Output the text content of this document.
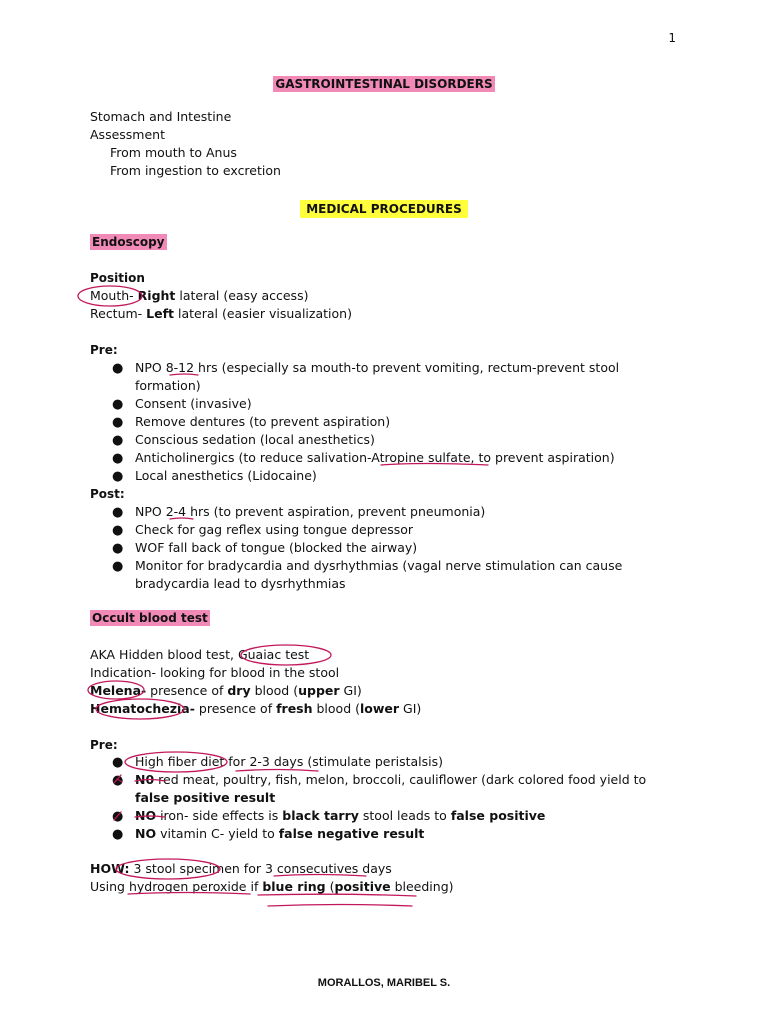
1
GASTROINTESTINAL DISORDERS
Stomach and Intestine
Assessment
From mouth to Anus
From ingestion to excretion
MEDICAL PROCEDURES
Endoscopy
Position
Mouth- Right lateral (easy access)
Rectum- Left lateral (easier visualization)
Pre:
● NPO 8-12 hrs (especially sa mouth-to prevent vomiting, rectum-prevent stool
formation)
● Consent (invasive)
● Remove dentures (to prevent aspiration)
● Conscious sedation (local anesthetics)
● Anticholinergics (to reduce salivation-Atropine sulfate, to prevent aspiration)
● Local anesthetics (Lidocaine)
Post:
● NPO 2-4 hrs (to prevent aspiration, prevent pneumonia)
● Check for gag reflex using tongue depressor
● WOF fall back of tongue (blocked the airway)
● Monitor for bradycardia and dysrhythmias (vagal nerve stimulation can cause
bradycardia lead to dysrhythmias
Occult blood test
AKA Hidden blood test, Guaiac test
Indication- looking for blood in the stool
Melena- presence of dry blood (upper GI)
Hematochezia- presence of fresh blood (lower GI)
Pre:
● High fiber diet for 2-3 days (stimulate peristalsis)
● N0 red meat, poultry, fish, melon, broccoli, cauliflower (dark colored food yield to
false positive result
● NO iron- side effects is black tarry stool leads to false positive
● NO vitamin C- yield to false negative result
HOW: 3 stool specimen for 3 consecutives days
Using hydrogen peroxide if blue ring (positive bleeding)
MORALLOS, MARIBEL S.
